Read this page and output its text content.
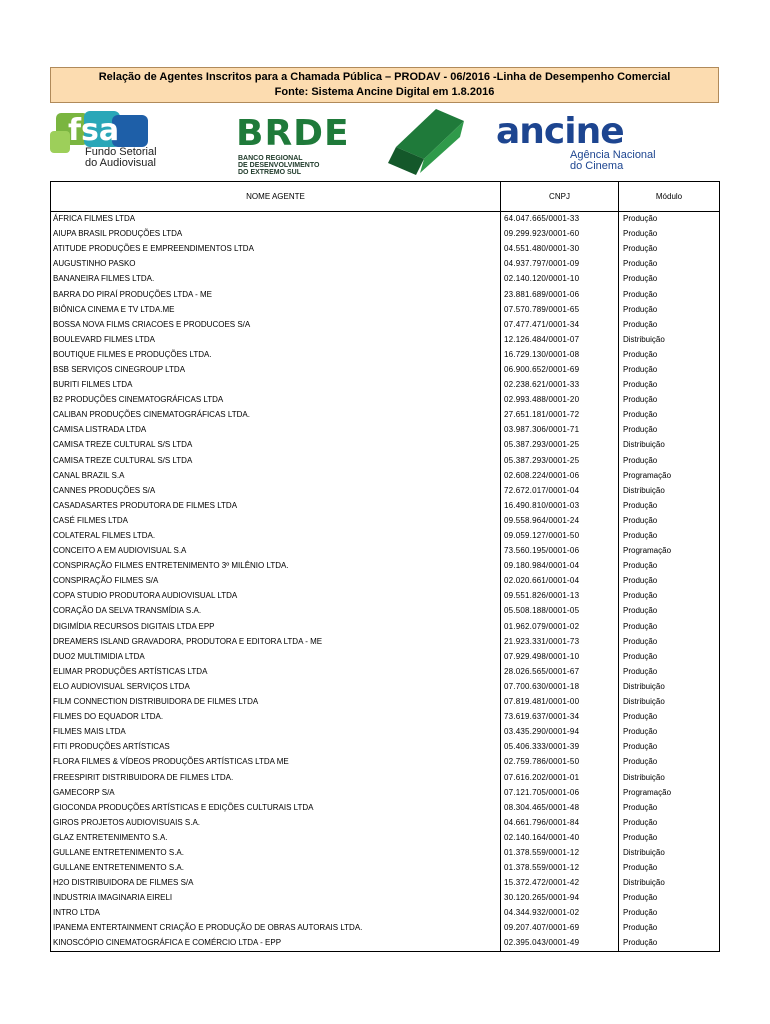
Relação de Agentes Inscritos para a Chamada Pública – PRODAV - 06/2016 -Linha de Desempenho Comercial
Fonte: Sistema Ancine Digital em 1.8.2016
fsa
Fundo Setorial
do Audiovisual
BRDE
BANCO REGIONAL
DE DESENVOLVIMENTO
DO EXTREMO SUL
ancine
Agência Nacional
do Cinema
NOME AGENTE	CNPJ	Módulo
ÁFRICA FILMES LTDA	64.047.665/0001-33	Produção
AIUPA BRASIL PRODUÇÕES LTDA	09.299.923/0001-60	Produção
ATITUDE PRODUÇÕES E EMPREENDIMENTOS LTDA	04.551.480/0001-30	Produção
AUGUSTINHO PASKO	04.937.797/0001-09	Produção
BANANEIRA FILMES LTDA.	02.140.120/0001-10	Produção
BARRA DO PIRAÍ PRODUÇÕES LTDA - ME	23.881.689/0001-06	Produção
BIÔNICA CINEMA E TV LTDA.ME	07.570.789/0001-65	Produção
BOSSA NOVA FILMS CRIACOES E PRODUCOES S/A	07.477.471/0001-34	Produção
BOULEVARD FILMES LTDA	12.126.484/0001-07	Distribuição
BOUTIQUE FILMES E PRODUÇÕES LTDA.	16.729.130/0001-08	Produção
BSB SERVIÇOS CINEGROUP LTDA	06.900.652/0001-69	Produção
BURITI FILMES LTDA	02.238.621/0001-33	Produção
B2 PRODUÇÕES CINEMATOGRÁFICAS LTDA	02.993.488/0001-20	Produção
CALIBAN PRODUÇÕES CINEMATOGRÁFICAS LTDA.	27.651.181/0001-72	Produção
CAMISA LISTRADA LTDA	03.987.306/0001-71	Produção
CAMISA TREZE CULTURAL S/S LTDA	05.387.293/0001-25	Distribuição
CAMISA TREZE CULTURAL S/S LTDA	05.387.293/0001-25	Produção
CANAL BRAZIL S.A	02.608.224/0001-06	Programação
CANNES PRODUÇÕES S/A	72.672.017/0001-04	Distribuição
CASADASARTES PRODUTORA DE FILMES LTDA	16.490.810/0001-03	Produção
CASÉ FILMES LTDA	09.558.964/0001-24	Produção
COLATERAL FILMES LTDA.	09.059.127/0001-50	Produção
CONCEITO A EM AUDIOVISUAL S.A	73.560.195/0001-06	Programação
CONSPIRAÇÃO FILMES ENTRETENIMENTO 3º MILÊNIO LTDA.	09.180.984/0001-04	Produção
CONSPIRAÇÃO FILMES S/A	02.020.661/0001-04	Produção
COPA STUDIO PRODUTORA AUDIOVISUAL LTDA	09.551.826/0001-13	Produção
CORAÇÃO DA SELVA TRANSMÍDIA S.A.	05.508.188/0001-05	Produção
DIGIMÍDIA RECURSOS DIGITAIS LTDA EPP	01.962.079/0001-02	Produção
DREAMERS ISLAND GRAVADORA, PRODUTORA E EDITORA LTDA - ME	21.923.331/0001-73	Produção
DUO2 MULTIMIDIA LTDA	07.929.498/0001-10	Produção
ELIMAR PRODUÇÕES ARTÍSTICAS LTDA	28.026.565/0001-67	Produção
ELO AUDIOVISUAL SERVIÇOS LTDA	07.700.630/0001-18	Distribuição
FILM CONNECTION DISTRIBUIDORA DE FILMES LTDA	07.819.481/0001-00	Distribuição
FILMES DO EQUADOR LTDA.	73.619.637/0001-34	Produção
FILMES MAIS LTDA	03.435.290/0001-94	Produção
FITI PRODUÇÕES ARTÍSTICAS	05.406.333/0001-39	Produção
FLORA FILMES & VÍDEOS PRODUÇÕES ARTÍSTICAS LTDA ME	02.759.786/0001-50	Produção
FREESPIRIT DISTRIBUIDORA DE FILMES LTDA.	07.616.202/0001-01	Distribuição
GAMECORP S/A	07.121.705/0001-06	Programação
GIOCONDA PRODUÇÕES ARTÍSTICAS E EDIÇÕES CULTURAIS LTDA	08.304.465/0001-48	Produção
GIROS PROJETOS AUDIOVISUAIS S.A.	04.661.796/0001-84	Produção
GLAZ ENTRETENIMENTO S.A.	02.140.164/0001-40	Produção
GULLANE ENTRETENIMENTO S.A.	01.378.559/0001-12	Distribuição
GULLANE ENTRETENIMENTO S.A.	01.378.559/0001-12	Produção
H2O DISTRIBUIDORA DE FILMES S/A	15.372.472/0001-42	Distribuição
INDUSTRIA IMAGINARIA EIRELI	30.120.265/0001-94	Produção
INTRO LTDA	04.344.932/0001-02	Produção
IPANEMA ENTERTAINMENT CRIAÇÃO E PRODUÇÃO DE OBRAS AUTORAIS LTDA.	09.207.407/0001-69	Produção
KINOSCÓPIO CINEMATOGRÁFICA E COMÉRCIO LTDA - EPP	02.395.043/0001-49	Produção
